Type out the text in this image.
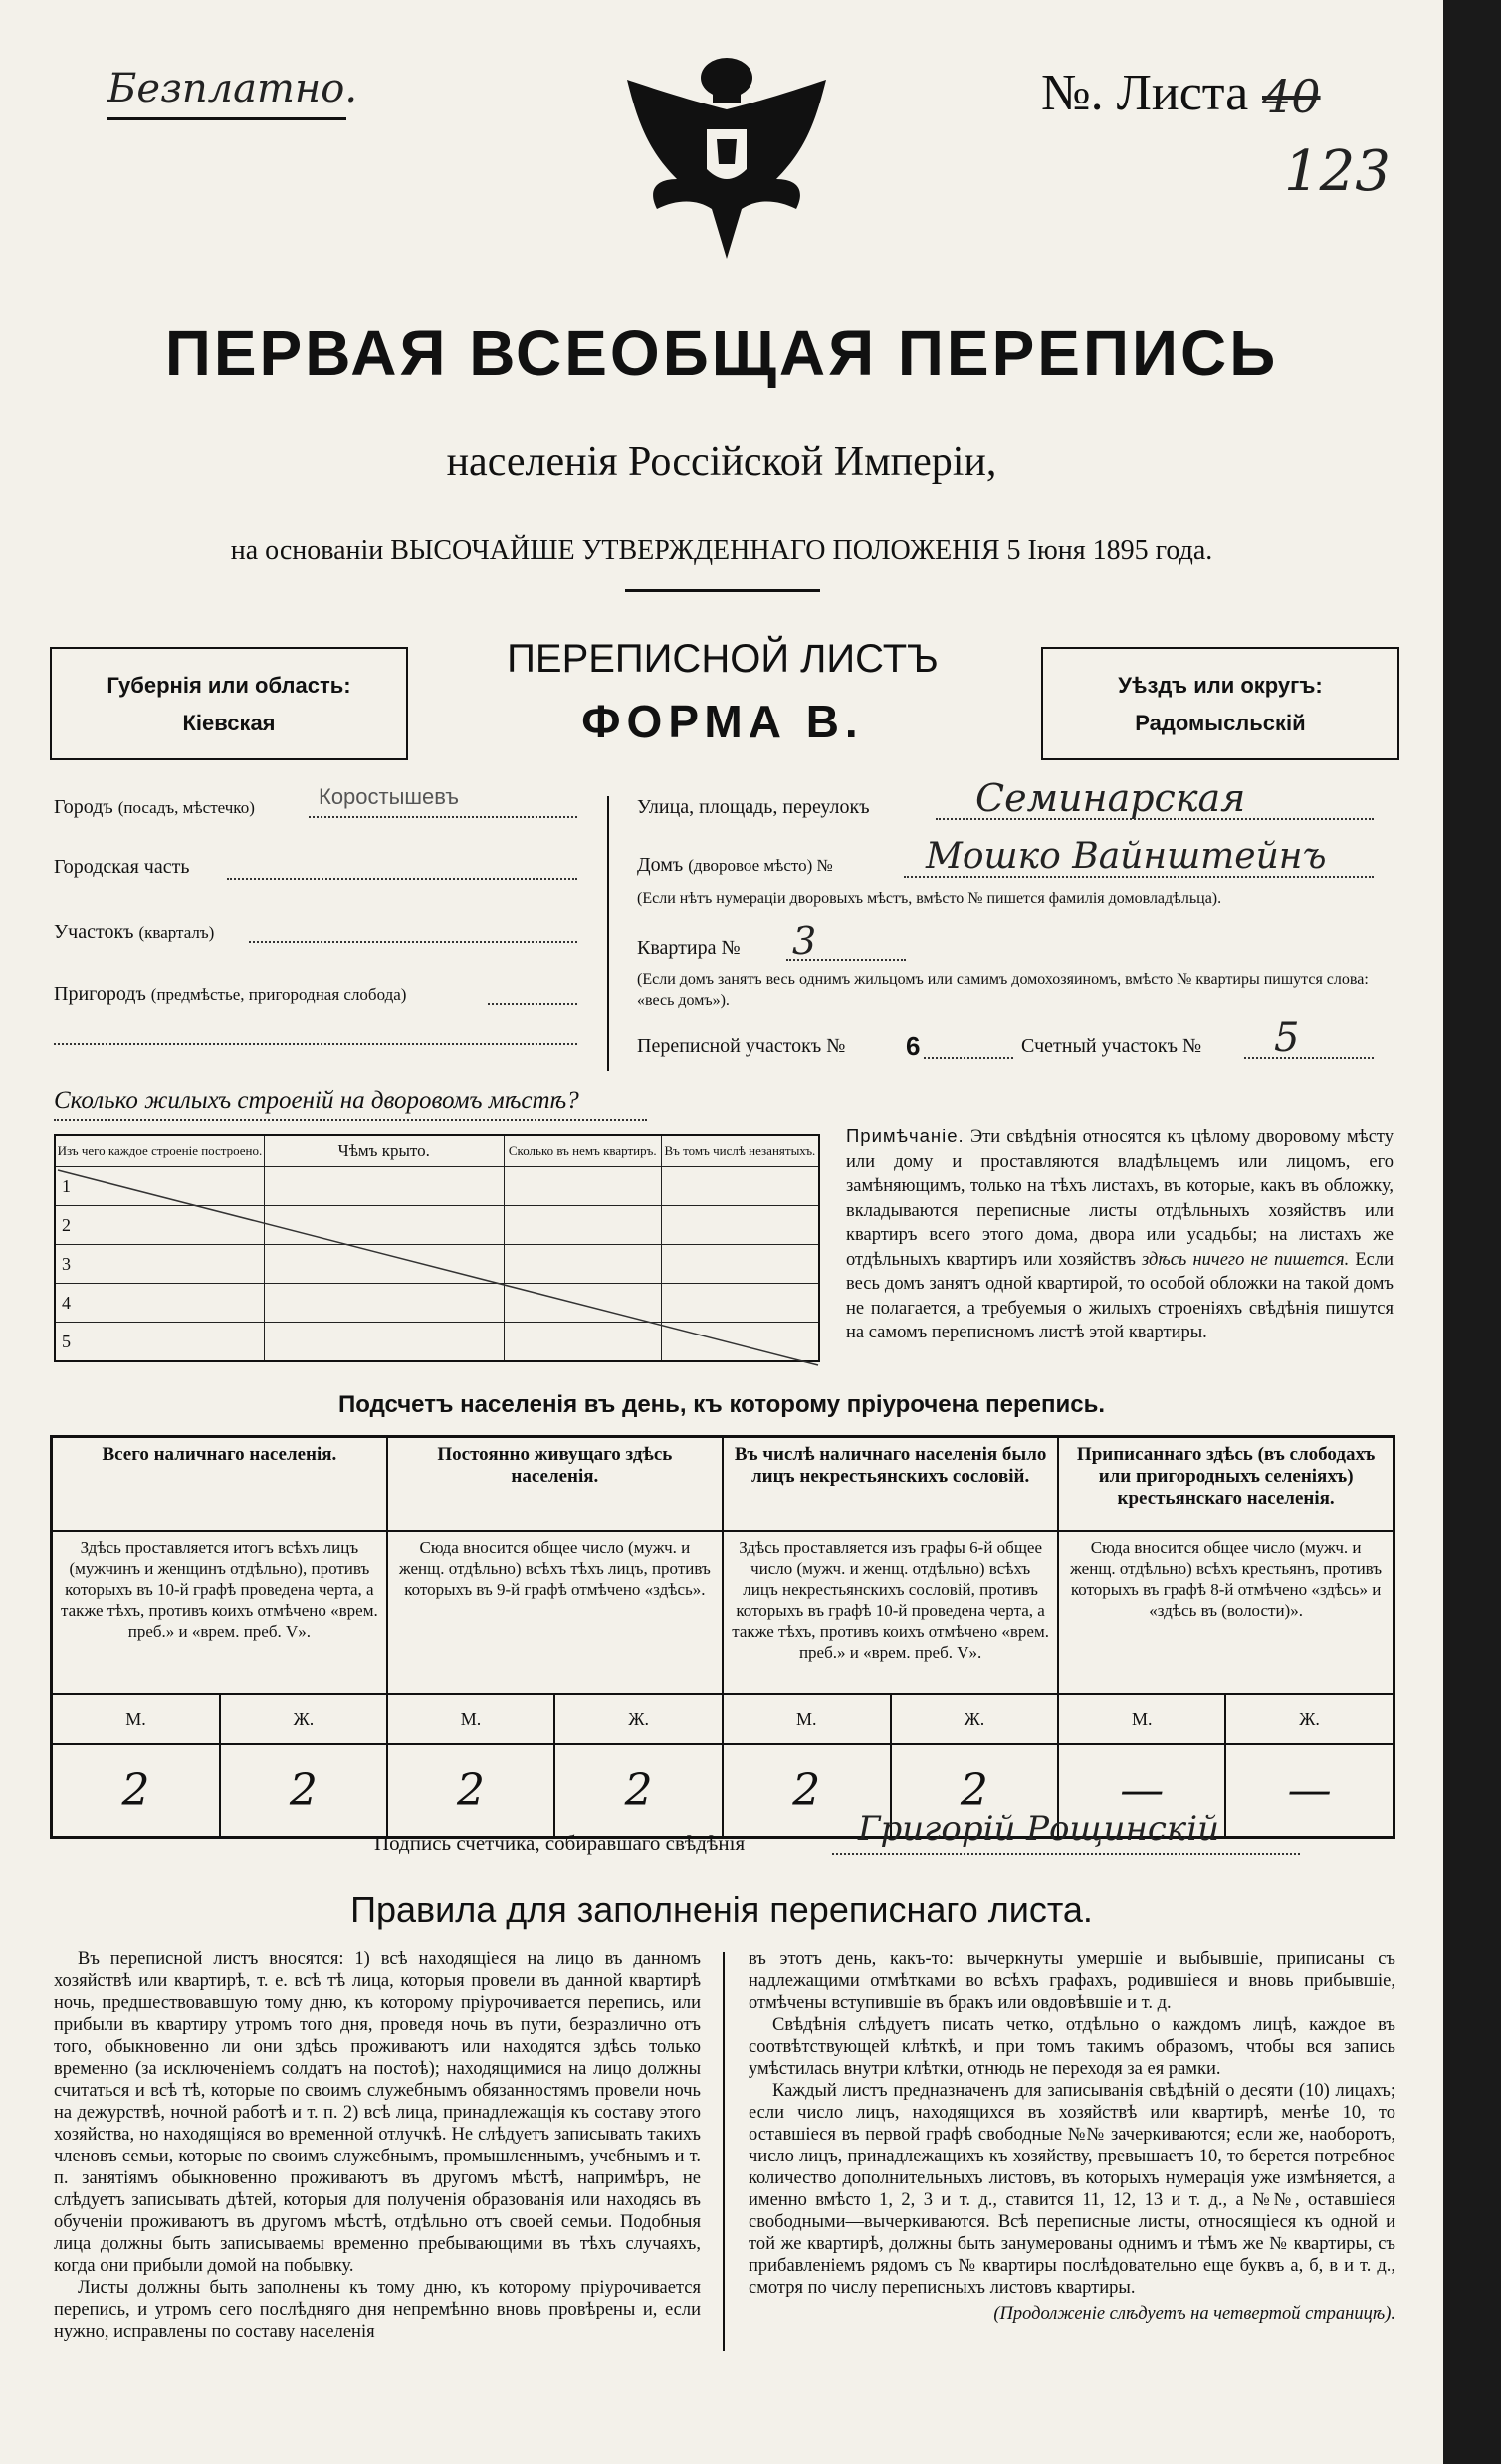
Безплатно.	№. Листа 40
123
ПЕРВАЯ ВСЕОБЩАЯ ПЕРЕПИСЬ
населенія Россійской Имперіи,
на основаніи ВЫСОЧАЙШЕ УТВЕРЖДЕННАГО ПОЛОЖЕНІЯ 5 Іюня 1895 года.
Губернія или область:
Кіевская
ПЕРЕПИСНОЙ ЛИСТЪ
ФОРМА В.
Уѣздъ или округъ:
Радомысльскій
Городъ (посадъ, мѣстечко)	Коростышевъ
Городская часть
Участокъ (кварталъ)
Пригородъ (предмѣстье, пригородная слобода)
Улица, площадь, переулокъ	Семинарская
Домъ (дворовое мѣсто) №	Мошко Вайнштейнъ
(Если нѣтъ нумераціи дворовыхъ мѣстъ, вмѣсто № пишется фамилія домовладѣльца).
Квартира № 3
(Если домъ занятъ весь однимъ жильцомъ или самимъ домохозяиномъ, вмѣсто № квартиры пишутся слова: «весь домъ»).
Переписной участокъ № 6	Счетный участокъ № 5
Сколько жилыхъ строеній на дворовомъ мѣстѣ?
Изъ чего каждое строеніе построено.	Чѣмъ крыто.	Сколько въ немъ квартиръ.	Въ томъ числѣ незанятыхъ.
1			
2			
3			
4			
5			
Примѣчаніе. Эти свѣдѣнія относятся къ цѣлому дворовому мѣсту или дому и проставляются владѣльцемъ или лицомъ, его замѣняющимъ, только на тѣхъ листахъ, въ которые, какъ въ обложку, вкладываются переписные листы отдѣльныхъ хозяйствъ или квартиръ всего этого дома, двора или усадьбы; на листахъ же отдѣльныхъ квартиръ или хозяйствъ здѣсь ничего не пишется. Если весь домъ занятъ одной квартирой, то особой обложки на такой домъ не полагается, а требуемыя о жилыхъ строеніяхъ свѣдѣнія пишутся на самомъ переписномъ листѣ этой квартиры.
Подсчетъ населенія въ день, къ которому пріурочена перепись.
Всего наличнаго населенія.		Постоянно живущаго здѣсь населенія.		Въ числѣ наличнаго населенія было лицъ некрестьянскихъ сословій.		Приписаннаго здѣсь (въ слободахъ или пригородныхъ селеніяхъ) крестьянскаго населенія.	

Здѣсь проставляется итогъ всѣхъ лицъ (мужчинъ и женщинъ отдѣльно), противъ которыхъ въ 10-й графѣ проведена черта, а также тѣхъ, противъ коихъ отмѣчено «врем. преб.» и «врем. преб. V».		Сюда вносится общее число (мужч. и женщ. отдѣльно) всѣхъ тѣхъ лицъ, противъ которыхъ въ 9-й графѣ отмѣчено «здѣсь».		Здѣсь проставляется изъ графы 6-й общее число (мужч. и женщ. отдѣльно) всѣхъ лицъ некрестьянскихъ сословій, противъ которыхъ въ графѣ 10-й проведена черта, а также тѣхъ, противъ коихъ отмѣчено «врем. преб.» и «врем. преб. V».		Сюда вносится общее число (мужч. и женщ. отдѣльно) всѣхъ крестьянъ, противъ которыхъ въ графѣ 8-й отмѣчено «здѣсь» и «здѣсь въ (волости)».	
М.	Ж.	М.	Ж.	М.	Ж.	М.	Ж.
2	2	2	2	2	2	—	—
Подпись счетчика, собиравшаго свѣдѣнія	Григорій Рощинскій
Правила для заполненія переписнаго листа.

Въ переписной листъ вносятся: 1) всѣ находящіеся на лицо въ данномъ хозяйствѣ или квартирѣ, т. е. всѣ тѣ лица, которыя провели въ данной квартирѣ ночь, предшествовавшую тому дню, къ которому пріурочивается перепись, или прибыли въ квартиру утромъ того дня, проведя ночь въ пути, безразлично отъ того, обыкновенно ли они здѣсь проживаютъ или находятся здѣсь только временно (за исключеніемъ солдатъ на постоѣ); находящимися на лицо должны считаться и всѣ тѣ, которые по своимъ служебнымъ обязанностямъ провели ночь на дежурствѣ, ночной работѣ и т. п. 2) всѣ лица, принадлежащія къ составу этого хозяйства, но находящіяся во временной отлучкѣ. Не слѣдуетъ записывать такихъ членовъ семьи, которые по своимъ служебнымъ, промышленнымъ, учебнымъ и т. п. занятіямъ обыкновенно проживаютъ въ другомъ мѣстѣ, напримѣръ, не слѣдуетъ записывать дѣтей, которыя для полученія образованія или находясь въ обученіи проживаютъ въ другомъ мѣстѣ, отдѣльно отъ своей семьи. Подобныя лица должны быть записываемы временно пребывающими въ тѣхъ случаяхъ, когда они прибыли домой на побывку.

Листы должны быть заполнены къ тому дню, къ которому пріурочивается перепись, и утромъ сего послѣдняго дня непремѣнно вновь провѣрены и, если нужно, исправлены по составу населенія

въ этотъ день, какъ-то: вычеркнуты умершіе и выбывшіе, приписаны съ надлежащими отмѣтками во всѣхъ графахъ, родившіеся и вновь прибывшіе, отмѣчены вступившіе въ бракъ или овдовѣвшіе и т. д.

Свѣдѣнія слѣдуетъ писать четко, отдѣльно о каждомъ лицѣ, каждое въ соотвѣтствующей клѣткѣ, и при томъ такимъ образомъ, чтобы вся запись умѣстилась внутри клѣтки, отнюдь не переходя за ея рамки.

Каждый листъ предназначенъ для записыванія свѣдѣній о десяти (10) лицахъ; если число лицъ, находящихся въ хозяйствѣ или квартирѣ, менѣе 10, то оставшіеся въ первой графѣ свободные №№ зачеркиваются; если же, наоборотъ, число лицъ, принадлежащихъ къ хозяйству, превышаетъ 10, то берется потребное количество дополнительныхъ листовъ, въ которыхъ нумерація уже измѣняется, а именно вмѣсто 1, 2, 3 и т. д., ставится 11, 12, 13 и т. д., а №№, оставшіеся свободными—вычеркиваются. Всѣ переписные листы, относящіеся къ одной и той же квартирѣ, должны быть занумерованы однимъ и тѣмъ же № квартиры, съ прибавленіемъ рядомъ съ № квартиры послѣдовательно еще буквъ а, б, в и т. д., смотря по числу переписныхъ листовъ квартиры.

(Продолженіе слѣдуетъ на четвертой страницѣ).
